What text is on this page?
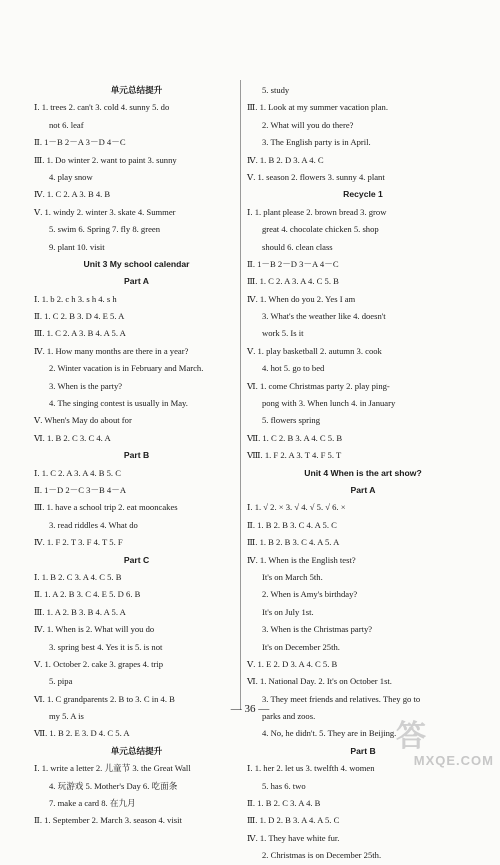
单元总结提升
Ⅰ. 1. trees 2. can't 3. cold 4. sunny 5. do
not 6. leaf
Ⅱ. 1－B 2－A 3－D 4－C
Ⅲ. 1. Do winter 2. want to paint 3. sunny
4. play snow
Ⅳ. 1. C 2. A 3. B 4. B
Ⅴ. 1. windy 2. winter 3. skate 4. Summer
5. swim 6. Spring 7. fly 8. green
9. plant 10. visit
Unit 3 My school calendar
Part A
Ⅰ. 1. b 2. c h 3. s h 4. s h
Ⅱ. 1. C 2. B 3. D 4. E 5. A
Ⅲ. 1. C 2. A 3. B 4. A 5. A
Ⅳ. 1. How many months are there in a year?
2. Winter vacation is in February and March.
3. When is the party?
4. The singing contest is usually in May.
Ⅴ. When's May do about for
Ⅵ. 1. B 2. C 3. C 4. A
Part B
Ⅰ. 1. C 2. A 3. A 4. B 5. C
Ⅱ. 1－D 2－C 3－B 4－A
Ⅲ. 1. have a school trip 2. eat mooncakes
3. read riddles 4. What do
Ⅳ. 1. F 2. T 3. F 4. T 5. F
Part C
Ⅰ. 1. B 2. C 3. A 4. C 5. B
Ⅱ. 1. A 2. B 3. C 4. E 5. D 6. B
Ⅲ. 1. A 2. B 3. B 4. A 5. A
Ⅳ. 1. When is 2. What will you do
3. spring best 4. Yes it is 5. is not
Ⅴ. 1. October 2. cake 3. grapes 4. trip
5. pipa
Ⅵ. 1. C grandparents 2. B to 3. C in 4. B
my 5. A is
Ⅶ. 1. B 2. E 3. D 4. C 5. A
单元总结提升
Ⅰ. 1. write a letter 2. 儿童节 3. the Great Wall
4. 玩游戏 5. Mother's Day 6. 吃面条
7. make a card 8. 在九月
Ⅱ. 1. September 2. March 3. season 4. visit
5. study
Ⅲ. 1. Look at my summer vacation plan.
2. What will you do there?
3. The English party is in April.
Ⅳ. 1. B 2. D 3. A 4. C
Ⅴ. 1. season 2. flowers 3. sunny 4. plant
Recycle 1
Ⅰ. 1. plant please 2. brown bread 3. grow
great 4. chocolate chicken 5. shop
should 6. clean class
Ⅱ. 1－B 2－D 3－A 4－C
Ⅲ. 1. C 2. A 3. A 4. C 5. B
Ⅳ. 1. When do you 2. Yes I am
3. What's the weather like 4. doesn't
work 5. Is it
Ⅴ. 1. play basketball 2. autumn 3. cook
4. hot 5. go to bed
Ⅵ. 1. come Christmas party 2. play ping-
pong with 3. When lunch 4. in January
5. flowers spring
Ⅶ. 1. C 2. B 3. A 4. C 5. B
Ⅷ. 1. F 2. A 3. T 4. F 5. T
Unit 4 When is the art show?
Part A
Ⅰ. 1. √ 2. × 3. √ 4. √ 5. √ 6. ×
Ⅱ. 1. B 2. B 3. C 4. A 5. C
Ⅲ. 1. B 2. B 3. C 4. A 5. A
Ⅳ. 1. When is the English test?
It's on March 5th.
2. When is Amy's birthday?
It's on July 1st.
3. When is the Christmas party?
It's on December 25th.
Ⅴ. 1. E 2. D 3. A 4. C 5. B
Ⅵ. 1. National Day. 2. It's on October 1st.
3. They meet friends and relatives. They go to
parks and zoos.
4. No, he didn't. 5. They are in Beijing.
Part B
Ⅰ. 1. her 2. let us 3. twelfth 4. women
5. has 6. two
Ⅱ. 1. B 2. C 3. A 4. B
Ⅲ. 1. D 2. B 3. A 4. A 5. C
Ⅳ. 1. They have white fur.
2. Christmas is on December 25th.
— 36 —
答
MXQE.COM
